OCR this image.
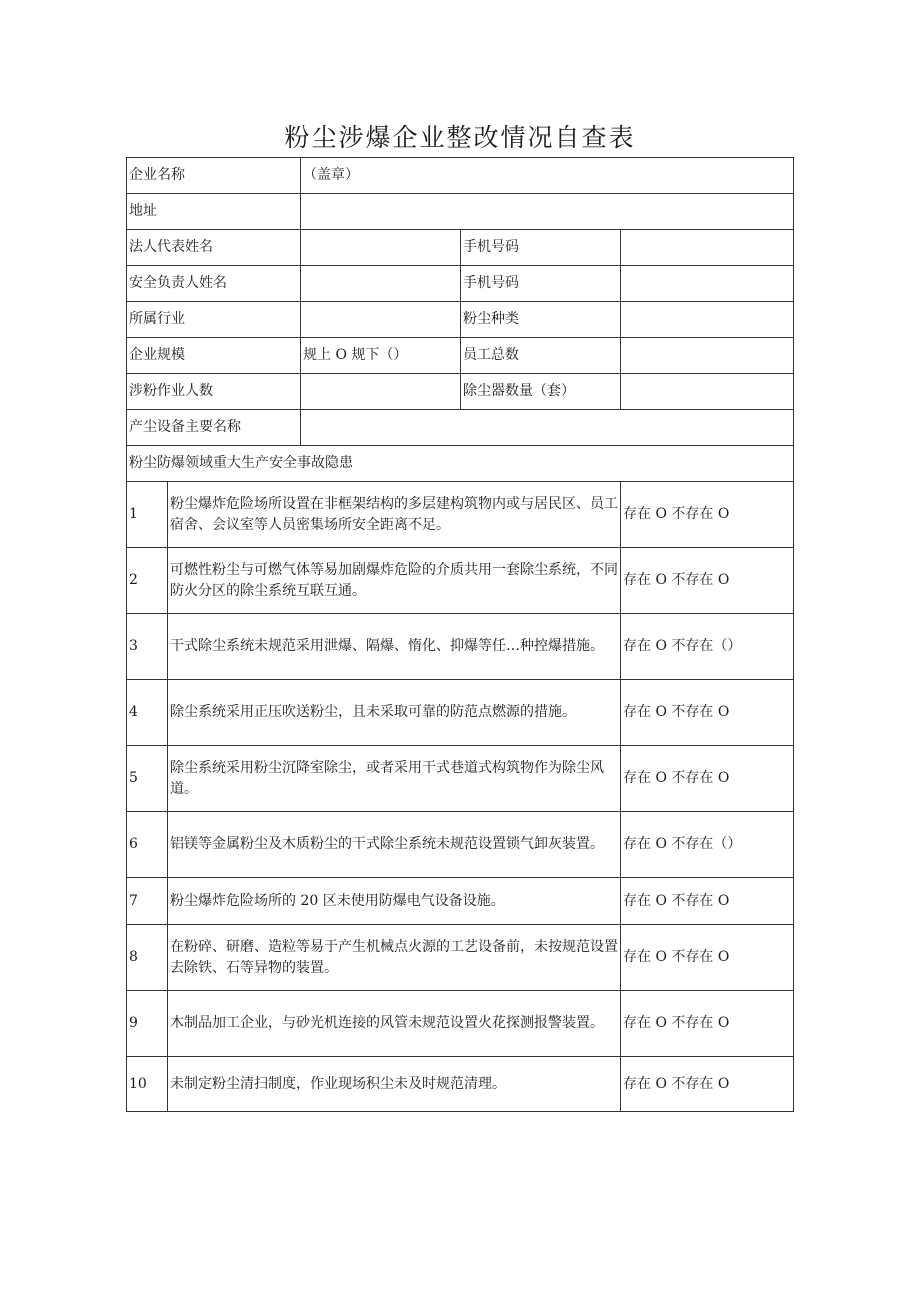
粉尘涉爆企业整改情况自查表
企业名称		（盖章）		
地址				
法人代表姓名			手机号码	
安全负责人姓名			手机号码	
所属行业			粉尘种类	
企业规模		规上 O 规下（）	员工总数	
涉粉作业人数			除尘器数量（套）	
产尘设备主要名称				
粉尘防爆领域重大生产安全事故隐患				
1	粉尘爆炸危险场所设置在非框架结构的多层建构筑物内或与居民区、员工宿舍、会议室等人员密集场所安全距离不足。			存在 O 不存在 O
2	可燃性粉尘与可燃气体等易加剧爆炸危险的介质共用一套除尘系统，不同防火分区的除尘系统互联互通。			存在 O 不存在 O
3	干式除尘系统未规范采用泄爆、隔爆、惰化、抑爆等任…种控爆措施。			存在 O 不存在（）
4	除尘系统采用正压吹送粉尘，且未采取可靠的防范点燃源的措施。			存在 O 不存在 O
5	除尘系统采用粉尘沉降室除尘，或者采用干式巷道式构筑物作为除尘风道。			存在 O 不存在 O
6	铝镁等金属粉尘及木质粉尘的干式除尘系统未规范设置锁气卸灰装置。			存在 O 不存在（）
7	粉尘爆炸危险场所的 20 区未使用防爆电气设备设施。			存在 O 不存在 O
8	在粉碎、研磨、造粒等易于产生机械点火源的工艺设备前，未按规范设置去除铁、石等异物的装置。			存在 O 不存在 O
9	木制品加工企业，与砂光机连接的风管未规范设置火花探测报警装置。			存在 O 不存在 O
10	未制定粉尘清扫制度，作业现场积尘未及时规范清理。			存在 O 不存在 O
